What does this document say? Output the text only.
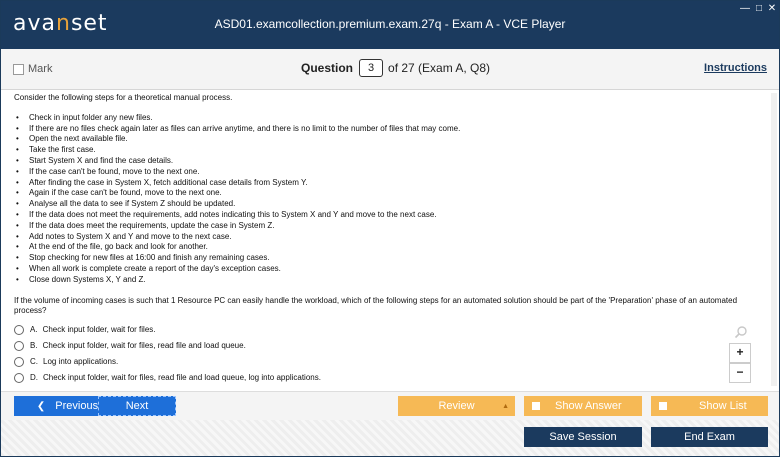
avanset	ASD01.examcollection.premium.exam.27q - Exam A - VCE Player
— □ ✕
Mark	Question	3	of 27 (Exam A, Q8)	Instructions

Consider the following steps for a theoretical manual process.

• Check in input folder any new files.
• If there are no files check again later as files can arrive anytime, and there is no limit to the number of files that may come.
• Open the next available file.
• Take the first case.
• Start System X and find the case details.
• If the case can't be found, move to the next one.
• After finding the case in System X, fetch additional case details from System Y.
• Again if the case can't be found, move to the next one.
• Analyse all the data to see if System Z should be updated.
• If the data does not meet the requirements, add notes indicating this to System X and Y and move to the next case.
• If the data does meet the requirements, update the case in System Z.
• Add notes to System X and Y and move to the next case.
• At the end of the file, go back and look for another.
• Stop checking for new files at 16:00 and finish any remaining cases.
• When all work is complete create a report of the day's exception cases.
• Close down Systems X, Y and Z.

If the volume of incoming cases is such that 1 Resource PC can easily handle the workload, which of the following steps for an automated solution should be part of the 'Preparation' phase of an automated process?

A. Check input folder, wait for files.
B. Check input folder, wait for files, read file and load queue.
C. Log into applications.
D. Check input folder, wait for files, read file and load queue, log into applications.
+
−
❮ Previous	Next	Review	▲	Show Answer	Show List
Save Session	End Exam
